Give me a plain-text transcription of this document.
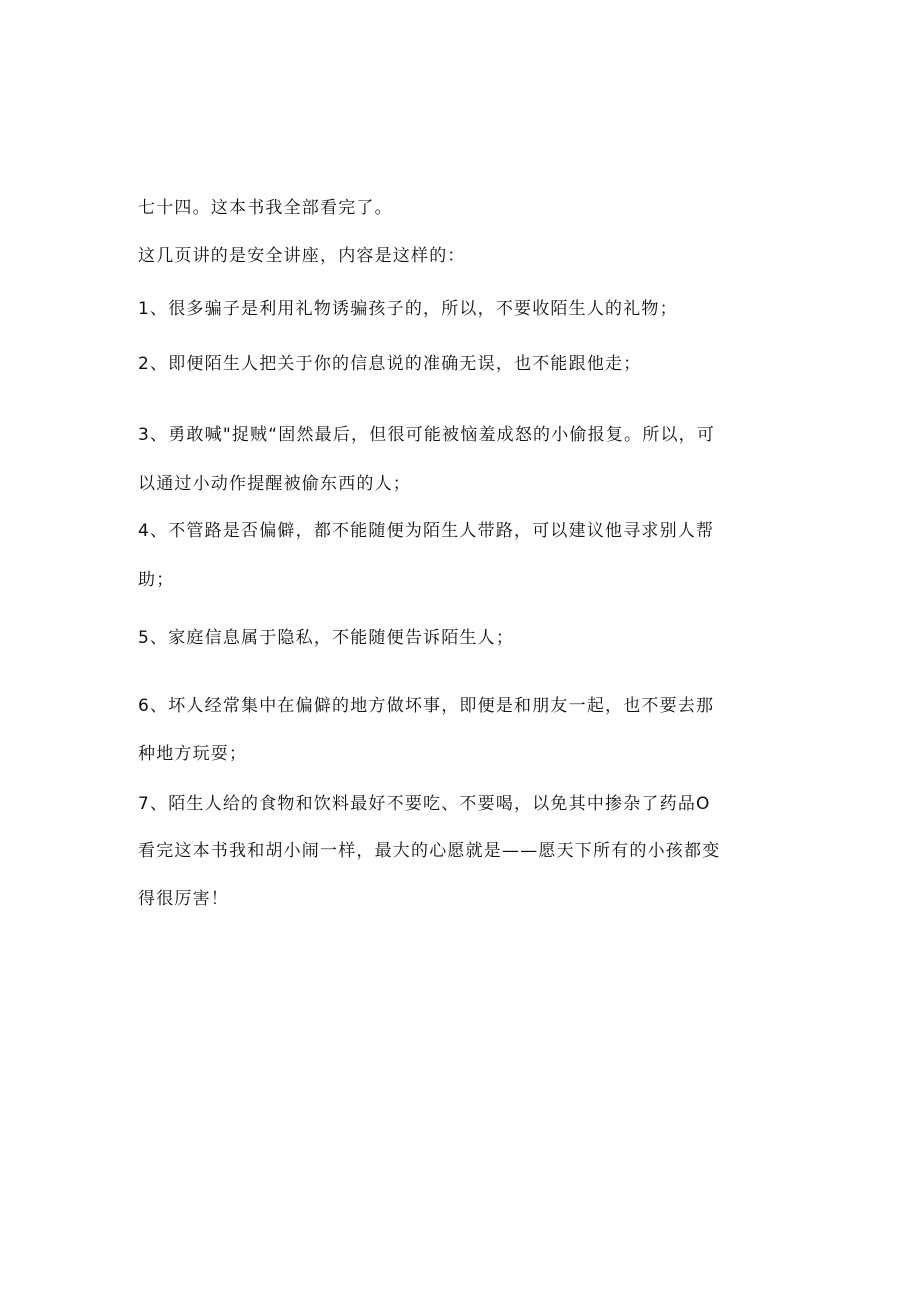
七十四。这本书我全部看完了。

这几页讲的是安全讲座，内容是这样的：

1、很多骗子是利用礼物诱骗孩子的，所以，不要收陌生人的礼物；

2、即便陌生人把关于你的信息说的准确无误，也不能跟他走；

3、勇敢喊"捉贼“固然最后，但很可能被恼羞成怒的小偷报复。所以，可

以通过小动作提醒被偷东西的人；

4、不管路是否偏僻，都不能随便为陌生人带路，可以建议他寻求别人帮

助；

5、家庭信息属于隐私，不能随便告诉陌生人；

6、坏人经常集中在偏僻的地方做坏事，即便是和朋友一起，也不要去那

种地方玩耍；

7、陌生人给的食物和饮料最好不要吃、不要喝，以免其中掺杂了药品O

看完这本书我和胡小闹一样，最大的心愿就是——愿天下所有的小孩都变

得很厉害！
